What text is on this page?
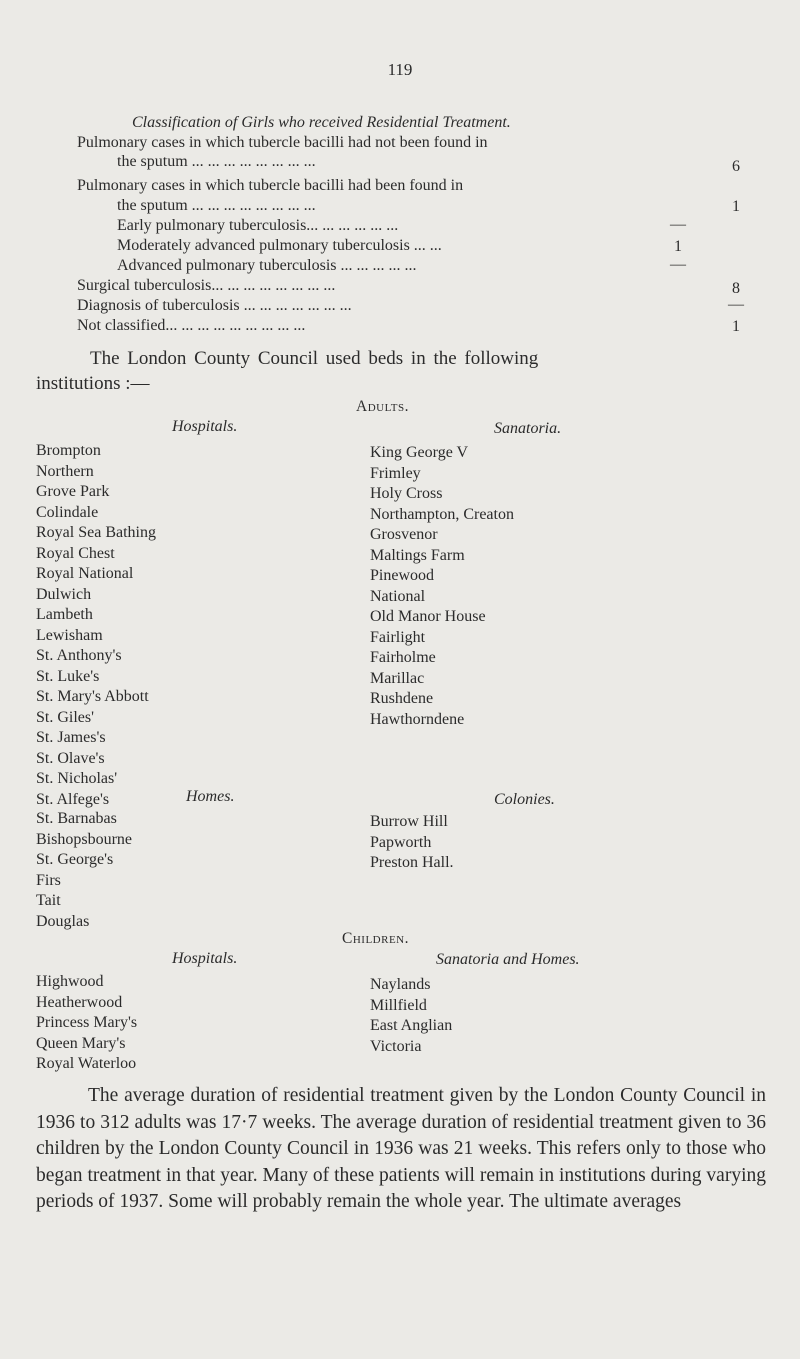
119
Classification of Girls who received Residential Treatment.
Pulmonary cases in which tubercle bacilli had not been found in
the sputum ... ... ... ... ... ... ... ...	6
Pulmonary cases in which tubercle bacilli had been found in
the sputum ... ... ... ... ... ... ... ...	1
Early pulmonary tuberculosis... ... ... ... ... ...	—
Moderately advanced pulmonary tuberculosis ... ...	1
Advanced pulmonary tuberculosis ... ... ... ... ...	—
Surgical tuberculosis... ... ... ... ... ... ... ...	8
Diagnosis of tuberculosis ... ... ... ... ... ... ...	—
Not classified... ... ... ... ... ... ... ... ...	1
The London County Council used beds in the following
institutions :—
Adults.
Hospitals.	Sanatoria.
Brompton
Northern
Grove Park
Colindale
Royal Sea Bathing
Royal Chest
Royal National
Dulwich
Lambeth
Lewisham
St. Anthony's
St. Luke's
St. Mary's Abbott
St. Giles'
St. James's
St. Olave's
St. Nicholas'
St. Alfege's
King George V
Frimley
Holy Cross
Northampton, Creaton
Grosvenor
Maltings Farm
Pinewood
National
Old Manor House
Fairlight
Fairholme
Marillac
Rushdene
Hawthorndene
Homes.	Colonies.
St. Barnabas
Bishopsbourne
St. George's
Firs
Tait
Douglas
Burrow Hill
Papworth
Preston Hall.
Children.
Hospitals.	Sanatoria and Homes.
Highwood
Heatherwood
Princess Mary's
Queen Mary's
Royal Waterloo
Naylands
Millfield
East Anglian
Victoria
The average duration of residential treatment given by the London County Council in 1936 to 312 adults was 17·7 weeks. The average duration of residential treatment given to 36 children by the London County Council in 1936 was 21 weeks. This refers only to those who began treatment in that year. Many of these patients will remain in institutions during varying periods of 1937. Some will probably remain the whole year. The ultimate averages
